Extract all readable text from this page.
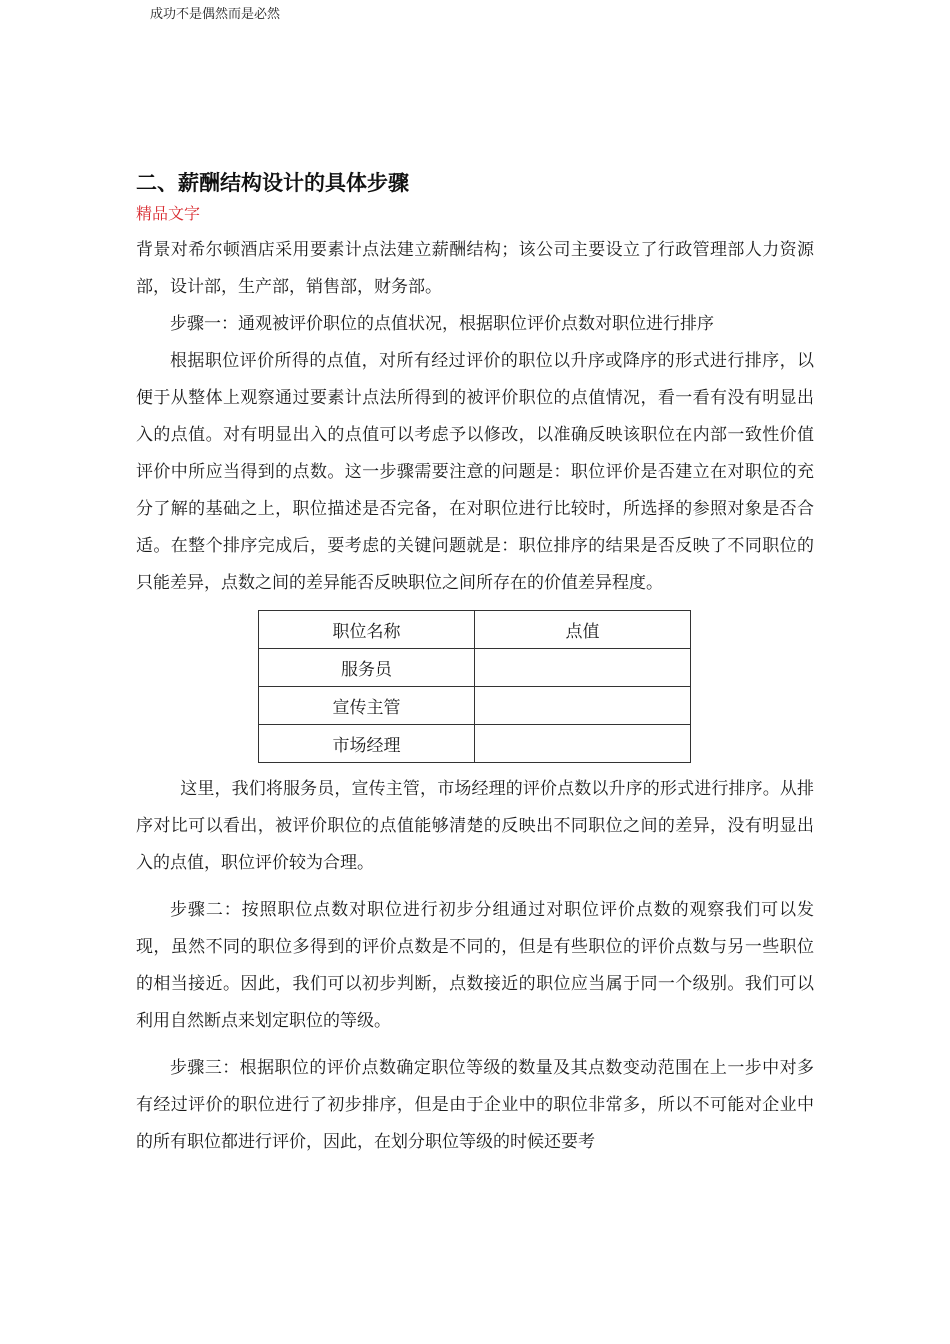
成功不是偶然而是必然
二、薪酬结构设计的具体步骤
精品文字

背景对希尔顿酒店采用要素计点法建立薪酬结构；该公司主要设立了行政管理部人力资源部，设计部，生产部，销售部，财务部。

步骤一：通观被评价职位的点值状况，根据职位评价点数对职位进行排序

根据职位评价所得的点值，对所有经过评价的职位以升序或降序的形式进行排序，以便于从整体上观察通过要素计点法所得到的被评价职位的点值情况，看一看有没有明显出入的点值。对有明显出入的点值可以考虑予以修改，以准确反映该职位在内部一致性价值评价中所应当得到的点数。这一步骤需要注意的问题是：职位评价是否建立在对职位的充分了解的基础之上，职位描述是否完备，在对职位进行比较时，所选择的参照对象是否合适。在整个排序完成后，要考虑的关键问题就是：职位排序的结果是否反映了不同职位的只能差异，点数之间的差异能否反映职位之间所存在的价值差异程度。

职位名称	点值
服务员	
宣传主管	
市场经理	

这里，我们将服务员，宣传主管，市场经理的评价点数以升序的形式进行排序。从排序对比可以看出，被评价职位的点值能够清楚的反映出不同职位之间的差异，没有明显出入的点值，职位评价较为合理。

步骤二：按照职位点数对职位进行初步分组通过对职位评价点数的观察我们可以发现，虽然不同的职位多得到的评价点数是不同的，但是有些职位的评价点数与另一些职位的相当接近。因此，我们可以初步判断，点数接近的职位应当属于同一个级别。我们可以利用自然断点来划定职位的等级。

步骤三：根据职位的评价点数确定职位等级的数量及其点数变动范围在上一步中对多有经过评价的职位进行了初步排序，但是由于企业中的职位非常多，所以不可能对企业中的所有职位都进行评价，因此，在划分职位等级的时候还要考
